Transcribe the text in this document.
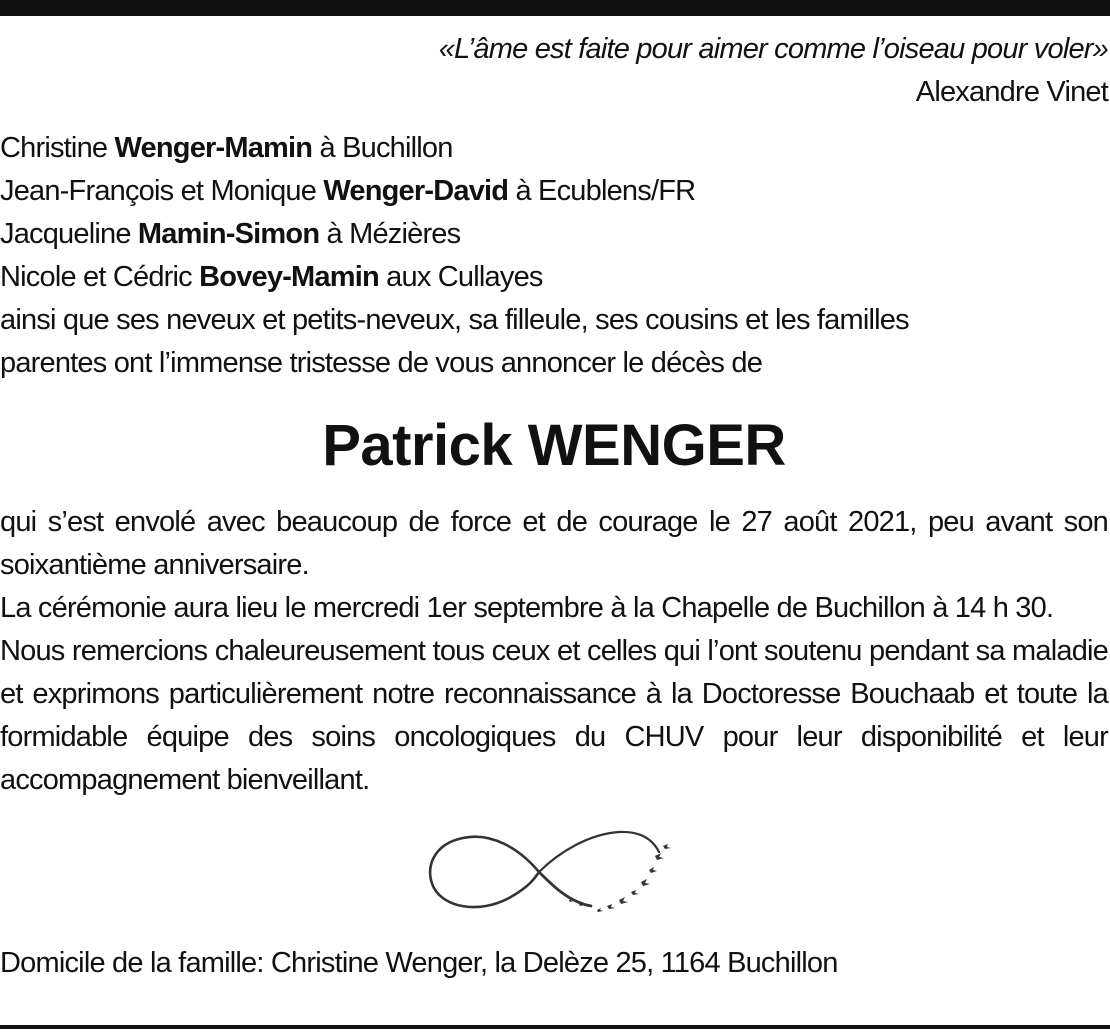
«L’âme est faite pour aimer comme l’oiseau pour voler»

Alexandre Vinet

Christine Wenger-Mamin à Buchillon

Jean-François et Monique Wenger-David à Ecublens/FR

Jacqueline Mamin-Simon à Mézières

Nicole et Cédric Bovey-Mamin aux Cullayes

ainsi que ses neveux et petits-neveux, sa filleule, ses cousins et les familles

parentes ont l’immense tristesse de vous annoncer le décès de

Patrick WENGER

qui s’est envolé avec beaucoup de force et de courage le 27 août 2021, peu avant son soixantième anniversaire.

La cérémonie aura lieu le mercredi 1er septembre à la Chapelle de Buchillon à 14 h 30.

Nous remercions chaleureusement tous ceux et celles qui l’ont soutenu pendant sa maladie et exprimons particulièrement notre reconnaissance à la Doctoresse Bouchaab et toute la formidable équipe des soins oncologiques du CHUV pour leur disponibilité et leur accompagnement bienveillant.

Domicile de la famille: Christine Wenger, la Delèze 25, 1164 Buchillon
